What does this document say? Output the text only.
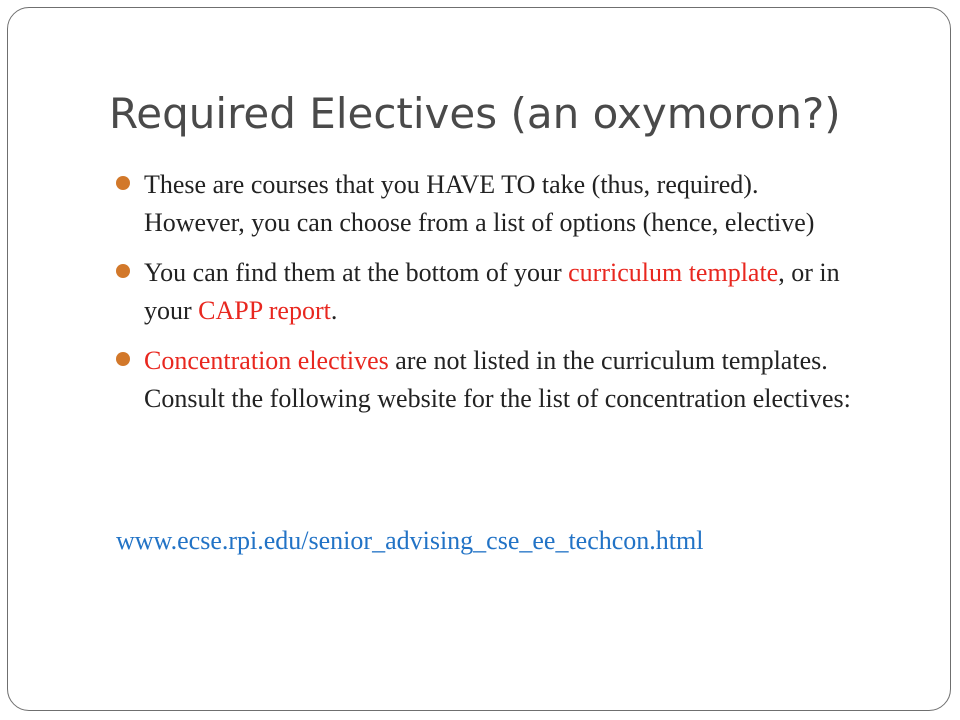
Required Electives (an oxymoron?)
These are courses that you HAVE TO take (thus, required). However, you can choose from a list of options (hence, elective)
You can find them at the bottom of your curriculum template, or in your CAPP report.
Concentration electives are not listed in the curriculum templates. Consult the following website for the list of concentration electives:

www.ecse.rpi.edu/senior_advising_cse_ee_techcon.html
